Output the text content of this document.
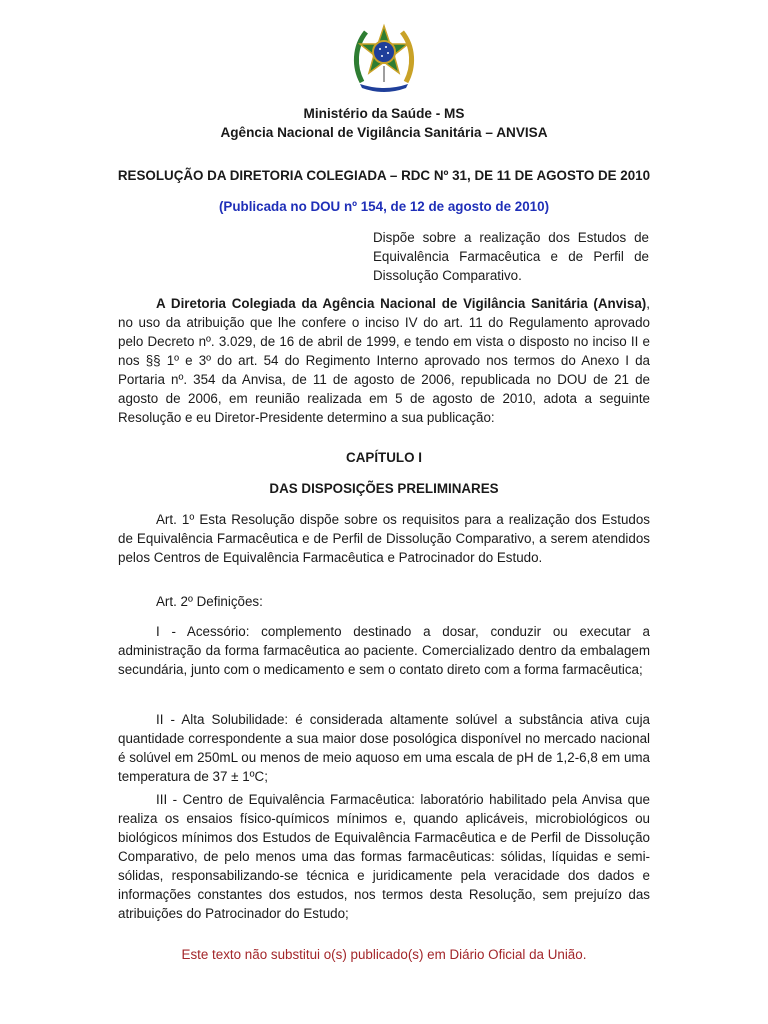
Ministério da Saúde - MS
Agência Nacional de Vigilância Sanitária – ANVISA
RESOLUÇÃO DA DIRETORIA COLEGIADA – RDC Nº 31, DE 11 DE AGOSTO DE 2010
(Publicada no DOU nº 154, de 12 de agosto de 2010)
Dispõe sobre a realização dos Estudos de Equivalência Farmacêutica e de Perfil de Dissolução Comparativo.

A Diretoria Colegiada da Agência Nacional de Vigilância Sanitária (Anvisa), no uso da atribuição que lhe confere o inciso IV do art. 11 do Regulamento aprovado pelo Decreto nº. 3.029, de 16 de abril de 1999, e tendo em vista o disposto no inciso II e nos §§ 1º e 3º do art. 54 do Regimento Interno aprovado nos termos do Anexo I da Portaria nº. 354 da Anvisa, de 11 de agosto de 2006, republicada no DOU de 21 de agosto de 2006, em reunião realizada em 5 de agosto de 2010, adota a seguinte Resolução e eu Diretor-Presidente determino a sua publicação:

CAPÍTULO I
DAS DISPOSIÇÕES PRELIMINARES

Art. 1º Esta Resolução dispõe sobre os requisitos para a realização dos Estudos de Equivalência Farmacêutica e de Perfil de Dissolução Comparativo, a serem atendidos pelos Centros de Equivalência Farmacêutica e Patrocinador do Estudo.

Art. 2º Definições:

I - Acessório: complemento destinado a dosar, conduzir ou executar a administração da forma farmacêutica ao paciente. Comercializado dentro da embalagem secundária, junto com o medicamento e sem o contato direto com a forma farmacêutica;

II - Alta Solubilidade: é considerada altamente solúvel a substância ativa cuja quantidade correspondente a sua maior dose posológica disponível no mercado nacional é solúvel em 250mL ou menos de meio aquoso em uma escala de pH de 1,2-6,8 em uma temperatura de 37 ± 1ºC;

III - Centro de Equivalência Farmacêutica: laboratório habilitado pela Anvisa que realiza os ensaios físico-químicos mínimos e, quando aplicáveis, microbiológicos ou biológicos mínimos dos Estudos de Equivalência Farmacêutica e de Perfil de Dissolução Comparativo, de pelo menos uma das formas farmacêuticas: sólidas, líquidas e semi-sólidas, responsabilizando-se técnica e juridicamente pela veracidade dos dados e informações constantes dos estudos, nos termos desta Resolução, sem prejuízo das atribuições do Patrocinador do Estudo;

Este texto não substitui o(s) publicado(s) em Diário Oficial da União.
